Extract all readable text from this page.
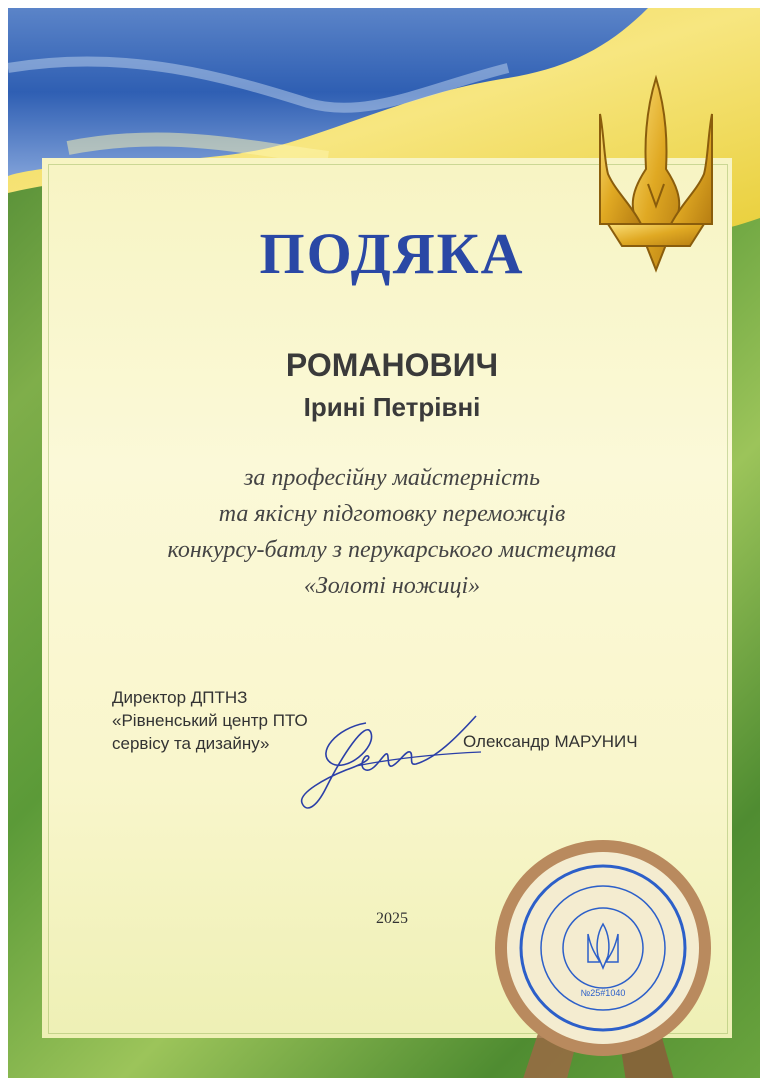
№25#1040
ПОДЯКА
РОМАНОВИЧ
Ірині Петрівні
за професійну майстерність
та якісну підготовку переможців
конкурсу-батлу з перукарського мистецтва
«Золоті ножиці»
Директор ДПТНЗ
«Рівненський центр ПТО
сервісу та дизайну»	Олександр МАРУНИЧ
2025
